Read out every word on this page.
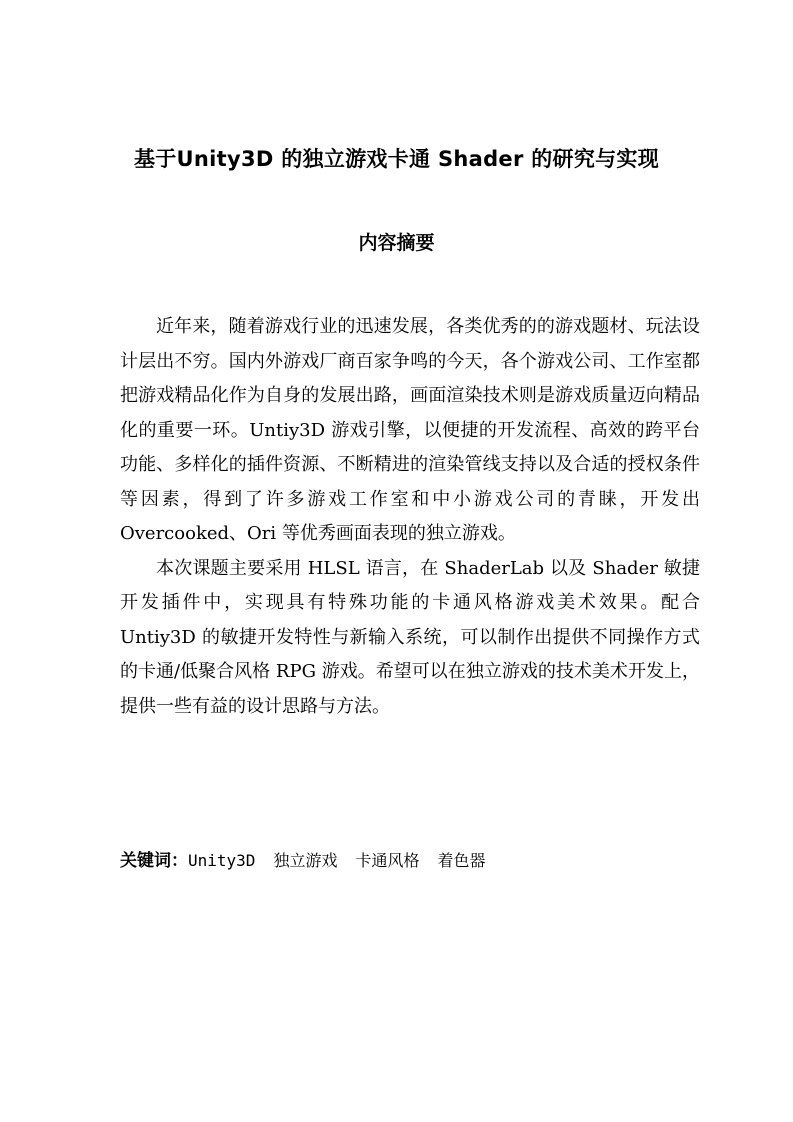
基于Unity3D 的独立游戏卡通 Shader 的研究与实现
内容摘要

近年来，随着游戏行业的迅速发展，各类优秀的的游戏题材、玩法设计层出不穷。国内外游戏厂商百家争鸣的今天，各个游戏公司、工作室都把游戏精品化作为自身的发展出路，画面渲染技术则是游戏质量迈向精品化的重要一环。Untiy3D 游戏引擎，以便捷的开发流程、高效的跨平台功能、多样化的插件资源、不断精进的渲染管线支持以及合适的授权条件等因素，得到了许多游戏工作室和中小游戏公司的青睐，开发出 Overcooked、Ori 等优秀画面表现的独立游戏。

本次课题主要采用 HLSL 语言，在 ShaderLab 以及 Shader 敏捷开发插件中，实现具有特殊功能的卡通风格游戏美术效果。配合 Untiy3D 的敏捷开发特性与新输入系统，可以制作出提供不同操作方式的卡通/低聚合风格 RPG 游戏。希望可以在独立游戏的技术美术开发上，提供一些有益的设计思路与方法。

关键词：Unity3D 独立游戏 卡通风格 着色器
